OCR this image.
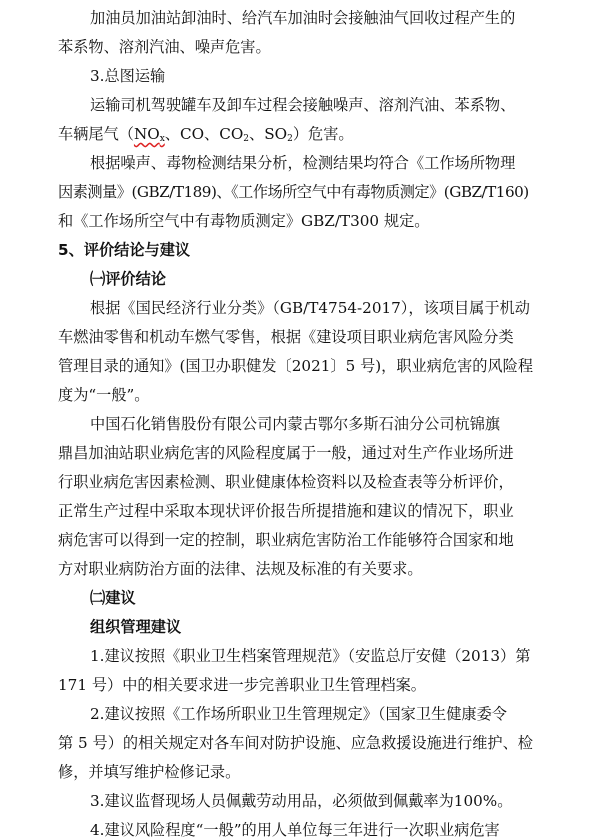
加油员加油站卸油时、给汽车加油时会接触油气回收过程产生的
苯系物、溶剂汽油、噪声危害。
3.总图运输
运输司机驾驶罐车及卸车过程会接触噪声、溶剂汽油、苯系物、
车辆尾气（$NO_x$、CO、$CO_2$、$SO_2$）危害。
根据噪声、毒物检测结果分析，检测结果均符合《工作场所物理
因素测量》(GBZ/T189)、《工作场所空气中有毒物质测定》(GBZ/T160)
和《工作场所空气中有毒物质测定》GBZ/T300 规定。
5、评价结论与建议
㈠评价结论
根据《国民经济行业分类》（GB/T4754-2017），该项目属于机动
车燃油零售和机动车燃气零售，根据《建设项目职业病危害风险分类
管理目录的通知》(国卫办职健发〔2021〕5 号)，职业病危害的风险程
度为“一般”。
中国石化销售股份有限公司内蒙古鄂尔多斯石油分公司杭锦旗
鼎昌加油站职业病危害的风险程度属于一般，通过对生产作业场所进
行职业病危害因素检测、职业健康体检资料以及检查表等分析评价，
正常生产过程中采取本现状评价报告所提措施和建议的情况下，职业
病危害可以得到一定的控制，职业病危害防治工作能够符合国家和地
方对职业病防治方面的法律、法规及标准的有关要求。
㈡建议
组织管理建议
1.建议按照《职业卫生档案管理规范》（安监总厅安健（2013）第
171 号）中的相关要求进一步完善职业卫生管理档案。
2.建议按照《工作场所职业卫生管理规定》（国家卫生健康委令
第 5 号）的相关规定对各车间对防护设施、应急救援设施进行维护、检
修，并填写维护检修记录。
3.建议监督现场人员佩戴劳动用品，必须做到佩戴率为100%。
4.建议风险程度“一般”的用人单位每三年进行一次职业病危害
